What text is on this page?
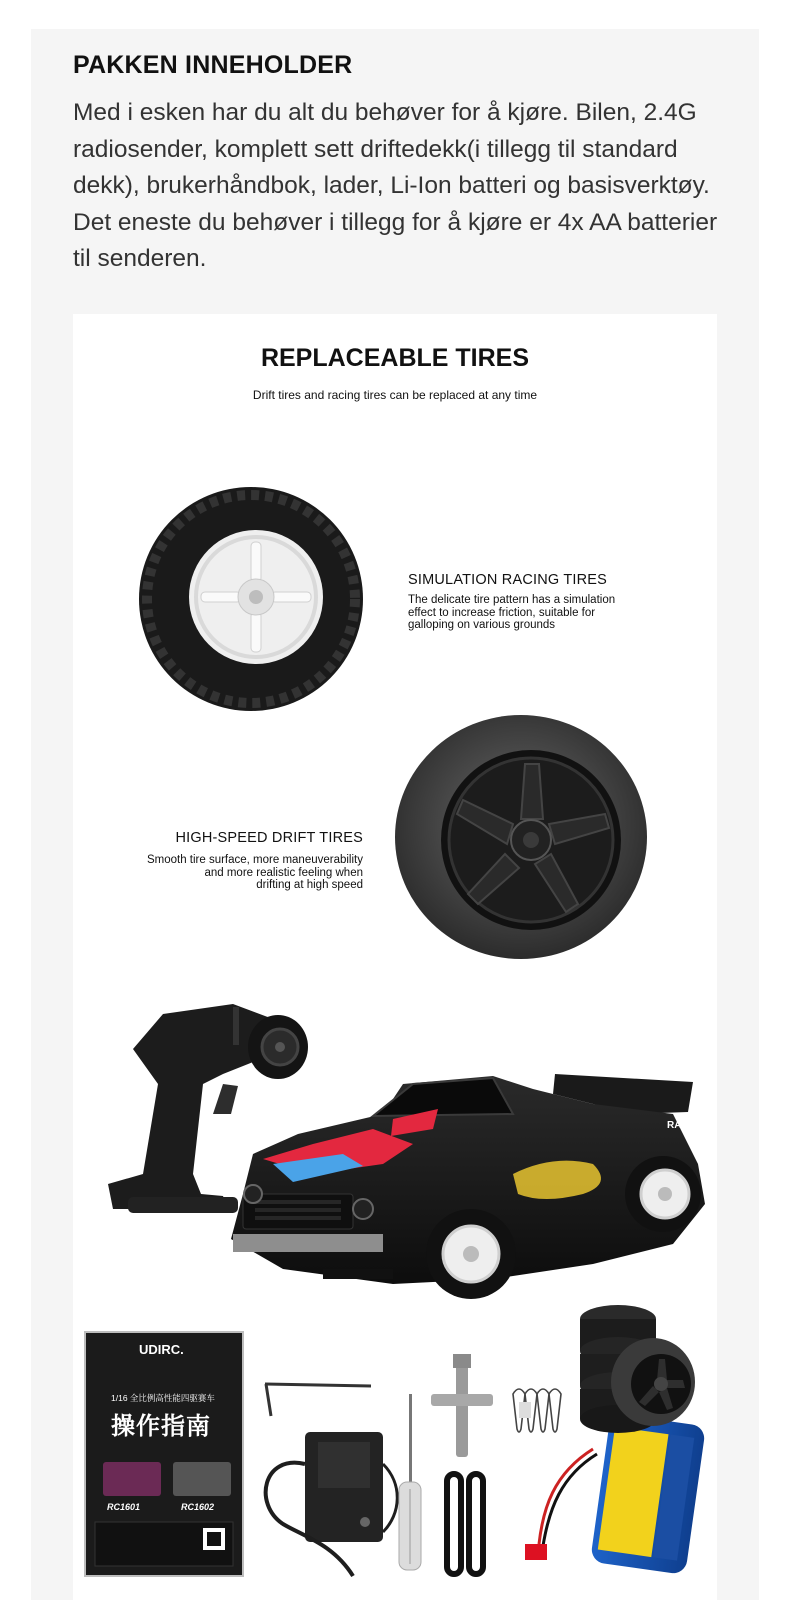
PAKKEN INNEHOLDER
Med i esken har du alt du behøver for å kjøre. Bilen, 2.4G radiosender, komplett sett driftedekk(i tillegg til standard dekk), brukerhåndbok, lader, Li-Ion batteri og basisverktøy. Det eneste du behøver i tillegg for å kjøre er 4x AA batterier til senderen.
REPLACEABLE TIRES
Drift tires and racing tires can be replaced at any time
SIMULATION RACING TIRES
The delicate tire pattern has a simulation
effect to increase friction, suitable for
galloping on various grounds
HIGH-SPEED DRIFT TIRES
Smooth tire surface, more maneuverability
and more realistic feeling when
drifting at high speed
RACE
UDIRC.
1/16 全比例高性能四驱赛车
操作指南
RC1601	RC1602
